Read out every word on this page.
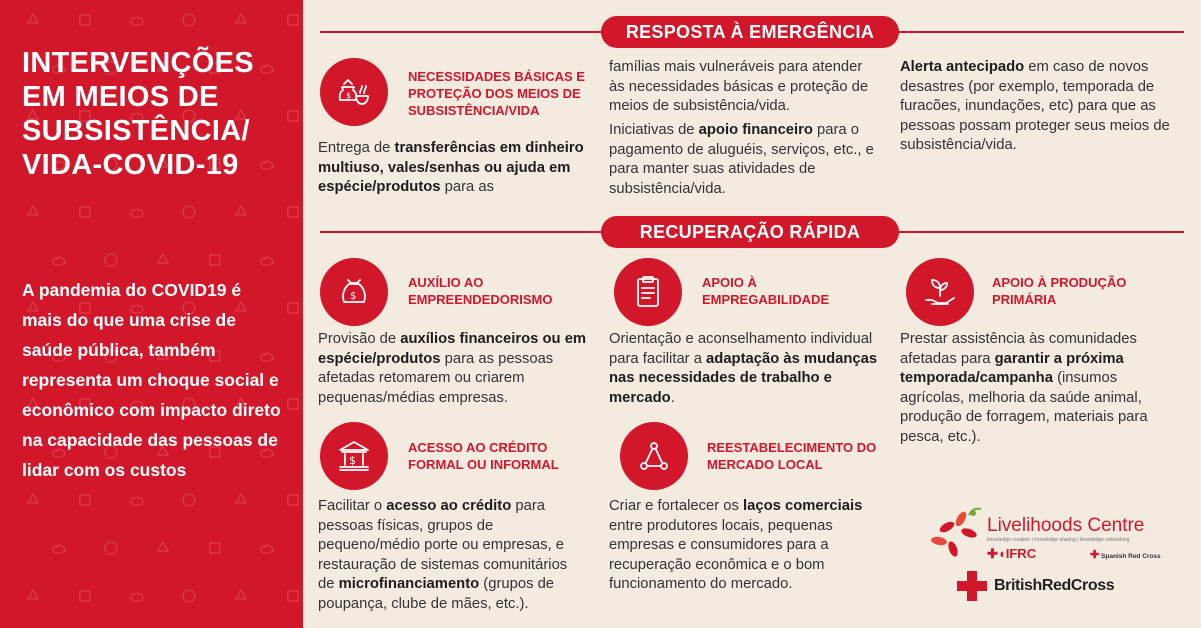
INTERVENÇÕES EM MEIOS DE SUBSISTÊNCIA/ VIDA-COVID-19
A pandemia do COVID19 é mais do que uma crise de saúde pública, também representa um choque social e econômico com impacto direto na capacidade das pessoas de lidar com os custos
RESPOSTA À EMERGÊNCIA
RECUPERAÇÃO RÁPIDA
$
NECESSIDADES BÁSICAS E PROTEÇÃO DOS MEIOS DE SUBSISTÊNCIA/VIDA
Entrega de transferências em dinheiro multiuso, vales/senhas ou ajuda em espécie/produtos para as
famílias mais vulneráveis para atender às necessidades básicas e proteção de meios de subsistência/vida.
Iniciativas de apoio financeiro para o pagamento de aluguéis, serviços, etc., e para manter suas atividades de subsistência/vida.
Alerta antecipado em caso de novos desastres (por exemplo, temporada de furacões, inundações, etc) para que as pessoas possam proteger seus meios de subsistência/vida.
$
AUXÍLIO AO EMPREENDEDORISMO
Provisão de auxílios financeiros ou em espécie/produtos para as pessoas afetadas retomarem ou criarem pequenas/médias empresas.
APOIO À EMPREGABILIDADE
Orientação e aconselhamento individual para facilitar a adaptação às mudanças nas necessidades de trabalho e mercado.
APOIO À PRODUÇÃO PRIMÁRIA
Prestar assistência às comunidades afetadas para garantir a próxima temporada/campanha (insumos agrícolas, melhoria da saúde animal, produção de forragem, materiais para pesca, etc.).
$
ACESSO AO CRÉDITO FORMAL OU INFORMAL
Facilitar o acesso ao crédito para pessoas físicas, grupos de pequeno/médio porte ou empresas, e restauração de sistemas comunitários de microfinanciamento (grupos de poupança, clube de mães, etc.).
REESTABELECIMENTO DO MERCADO LOCAL
Criar e fortalecer os laços comerciais entre produtores locais, pequenas empresas e consumidores para a recuperação econômica e o bom funcionamento do mercado.
Livelihoods Centre
knowledge creation | knowledge sharing | knowledge networking
✚◖IFRC	✚ Spanish Red Cross
BritishRedCross
